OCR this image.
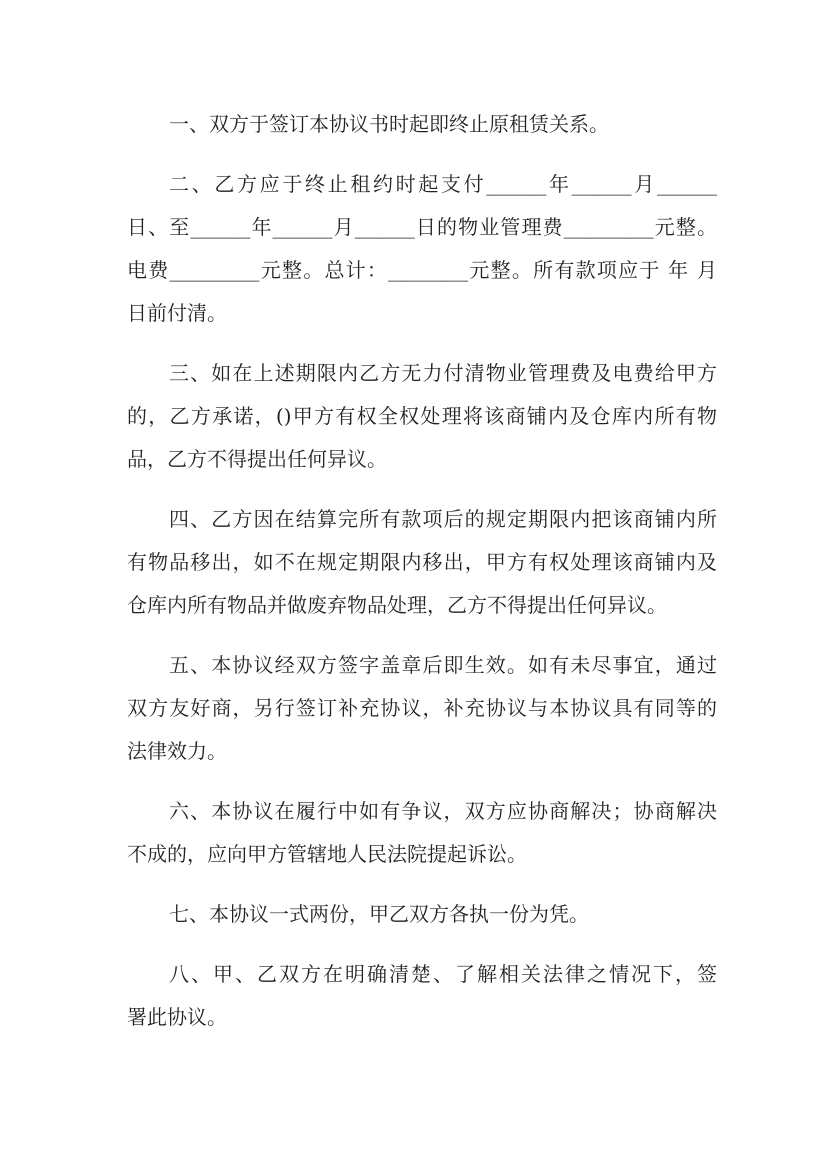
一、双方于签订本协议书时起即终止原租赁关系。
二、乙方应于终止租约时起支付______年______月______
日、至______年______月______日的物业管理费_________元整。
电费_________元整。总计：________元整。所有款项应于 年 月
日前付清。
三、如在上述期限内乙方无力付清物业管理费及电费给甲方
的，乙方承诺，()甲方有权全权处理将该商铺内及仓库内所有物
品，乙方不得提出任何异议。
四、乙方因在结算完所有款项后的规定期限内把该商铺内所
有物品移出，如不在规定期限内移出，甲方有权处理该商铺内及
仓库内所有物品并做废弃物品处理，乙方不得提出任何异议。
五、本协议经双方签字盖章后即生效。如有未尽事宜，通过
双方友好商，另行签订补充协议，补充协议与本协议具有同等的
法律效力。
六、本协议在履行中如有争议，双方应协商解决；协商解决
不成的，应向甲方管辖地人民法院提起诉讼。
七、本协议一式两份，甲乙双方各执一份为凭。
八、甲、乙双方在明确清楚、了解相关法律之情况下，签
署此协议。
